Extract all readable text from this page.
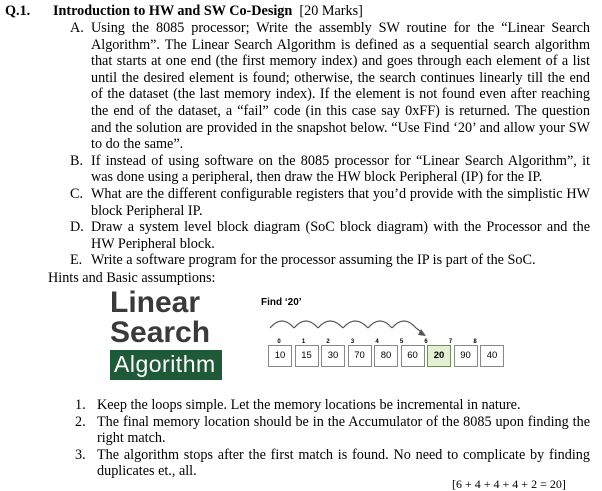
Q.1. Introduction to HW and SW Co-Design [20 Marks]
A. Using the 8085 processor; Write the assembly SW routine for the “Linear Search Algorithm”. The Linear Search Algorithm is defined as a sequential search algorithm that starts at one end (the first memory index) and goes through each element of a list until the desired element is found; otherwise, the search continues linearly till the end of the dataset (the last memory index). If the element is not found even after reaching the end of the dataset, a “fail” code (in this case say 0xFF) is returned. The question and the solution are provided in the snapshot below. “Use Find ‘20’ and allow your SW to do the same”.
B. If instead of using software on the 8085 processor for “Linear Search Algorithm”, it was done using a peripheral, then draw the HW block Peripheral (IP) for the IP.
C. What are the different configurable registers that you’d provide with the simplistic HW block Peripheral IP.
D. Draw a system level block diagram (SoC block diagram) with the Processor and the HW Peripheral block.
E. Write a software program for the processor assuming the IP is part of the SoC.
Hints and Basic assumptions:
Linear
Search
Algorithm
Find ‘20’
0	1	2	3	4	5	6	7	8
10	15	30	70	80	60	20	90	40
1. Keep the loops simple. Let the memory locations be incremental in nature.
2. The final memory location should be in the Accumulator of the 8085 upon finding the right match.
3. The algorithm stops after the first match is found. No need to complicate by finding duplicates et., all.
[6 + 4 + 4 + 4 + 2 = 20]
